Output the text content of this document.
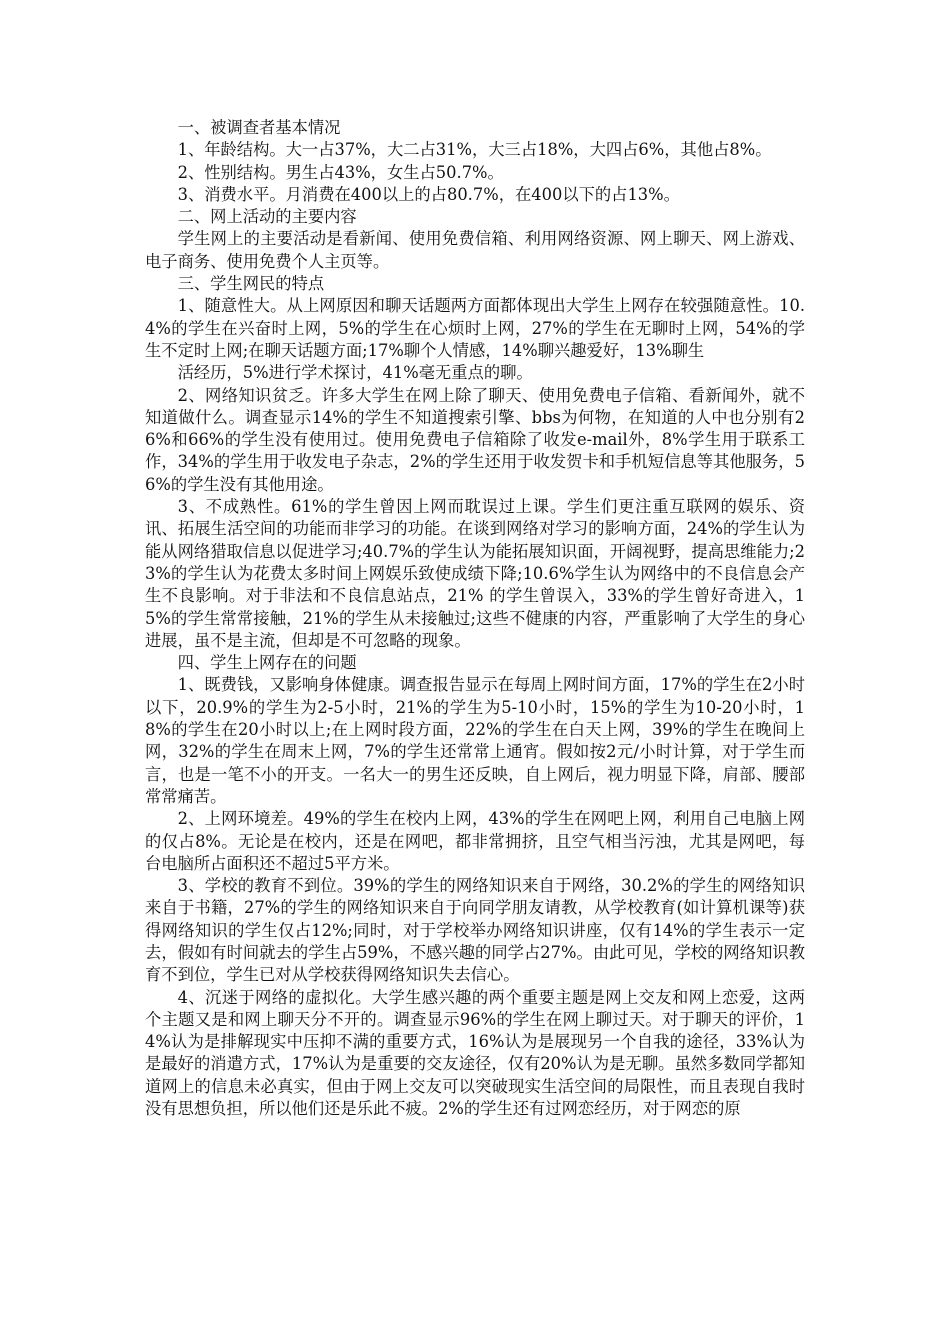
一、被调查者基本情况

1、年龄结构。大一占37%，大二占31%，大三占18%，大四占6%，其他占8%。

2、性别结构。男生占43%，女生占50.7%。

3、消费水平。月消费在400以上的占80.7%，在400以下的占13%。

二、网上活动的主要内容

学生网上的主要活动是看新闻、使用免费信箱、利用网络资源、网上聊天、网上游戏、电子商务、使用免费个人主页等。

三、学生网民的特点

1、随意性大。从上网原因和聊天话题两方面都体现出大学生上网存在较强随意性。10.4%的学生在兴奋时上网，5%的学生在心烦时上网，27%的学生在无聊时上网，54%的学生不定时上网;在聊天话题方面;17%聊个人情感，14%聊兴趣爱好，13%聊生

活经历，5%进行学术探讨，41%毫无重点的聊。

2、网络知识贫乏。许多大学生在网上除了聊天、使用免费电子信箱、看新闻外，就不知道做什么。调查显示14%的学生不知道搜索引擎、bbs为何物，在知道的人中也分别有26%和66%的学生没有使用过。使用免费电子信箱除了收发e-mail外，8%学生用于联系工作，34%的学生用于收发电子杂志，2%的学生还用于收发贺卡和手机短信息等其他服务，56%的学生没有其他用途。

3、不成熟性。61%的学生曾因上网而耽误过上课。学生们更注重互联网的娱乐、资讯、拓展生活空间的功能而非学习的功能。在谈到网络对学习的影响方面，24%的学生认为能从网络猎取信息以促进学习;40.7%的学生认为能拓展知识面，开阔视野，提高思维能力;23%的学生认为花费太多时间上网娱乐致使成绩下降;10.6%学生认为网络中的不良信息会产生不良影响。对于非法和不良信息站点，21% 的学生曾误入，33%的学生曾好奇进入，15%的学生常常接触，21%的学生从未接触过;这些不健康的内容，严重影响了大学生的身心进展，虽不是主流，但却是不可忽略的现象。

四、学生上网存在的问题

1、既费钱，又影响身体健康。调查报告显示在每周上网时间方面，17%的学生在2小时以下，20.9%的学生为2-5小时，21%的学生为5-10小时，15%的学生为10-20小时，18%的学生在20小时以上;在上网时段方面，22%的学生在白天上网，39%的学生在晚间上网，32%的学生在周末上网，7%的学生还常常上通宵。假如按2元/小时计算，对于学生而言，也是一笔不小的开支。一名大一的男生还反映，自上网后，视力明显下降，肩部、腰部常常痛苦。

2、上网环境差。49%的学生在校内上网，43%的学生在网吧上网，利用自己电脑上网的仅占8%。无论是在校内，还是在网吧，都非常拥挤，且空气相当污浊，尤其是网吧，每台电脑所占面积还不超过5平方米。

3、学校的教育不到位。39%的学生的网络知识来自于网络，30.2%的学生的网络知识来自于书籍，27%的学生的网络知识来自于向同学朋友请教，从学校教育(如计算机课等)获得网络知识的学生仅占12%;同时，对于学校举办网络知识讲座，仅有14%的学生表示一定去，假如有时间就去的学生占59%，不感兴趣的同学占27%。由此可见，学校的网络知识教育不到位，学生已对从学校获得网络知识失去信心。

4、沉迷于网络的虚拟化。大学生感兴趣的两个重要主题是网上交友和网上恋爱，这两个主题又是和网上聊天分不开的。调查显示96%的学生在网上聊过天。对于聊天的评价，14%认为是排解现实中压抑不满的重要方式，16%认为是展现另一个自我的途径，33%认为是最好的消遣方式，17%认为是重要的交友途径，仅有20%认为是无聊。虽然多数同学都知道网上的信息未必真实，但由于网上交友可以突破现实生活空间的局限性，而且表现自我时没有思想负担，所以他们还是乐此不疲。2%的学生还有过网恋经历，对于网恋的原
